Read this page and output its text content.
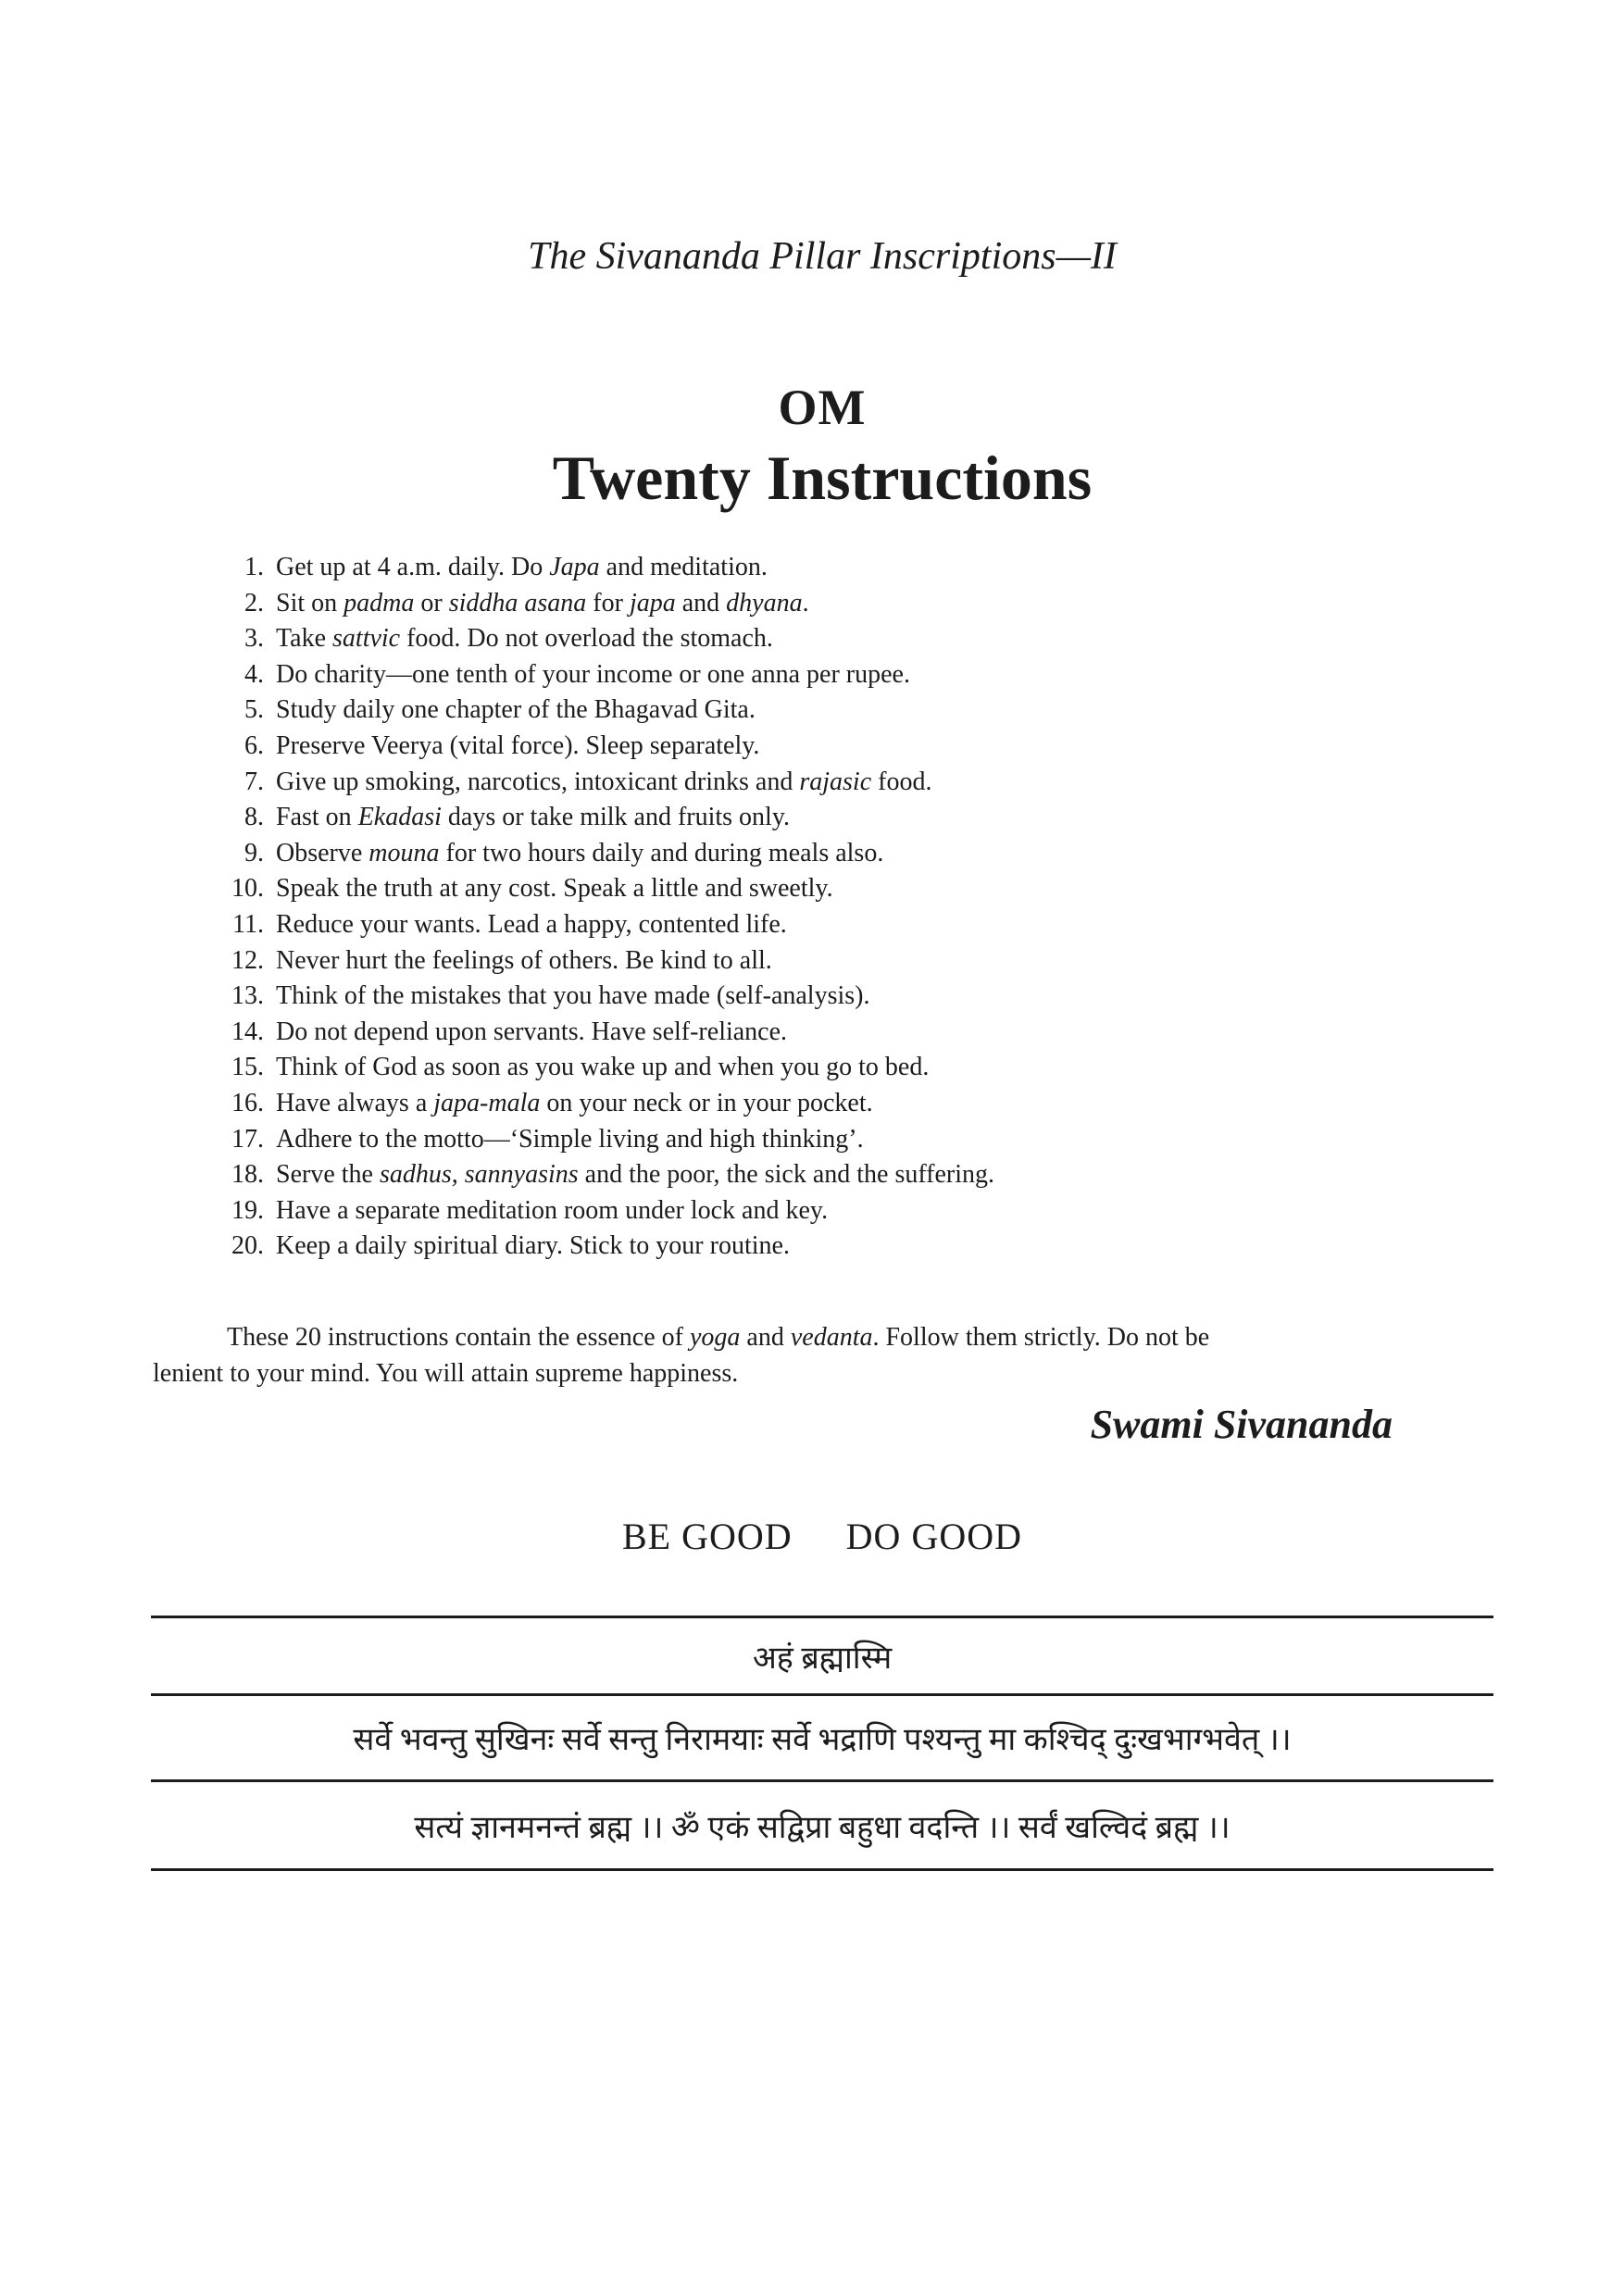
The Sivananda Pillar Inscriptions—II
OM
Twenty Instructions
1. Get up at 4 a.m. daily. Do Japa and meditation.
2. Sit on padma or siddha asana for japa and dhyana.
3. Take sattvic food. Do not overload the stomach.
4. Do charity—one tenth of your income or one anna per rupee.
5. Study daily one chapter of the Bhagavad Gita.
6. Preserve Veerya (vital force). Sleep separately.
7. Give up smoking, narcotics, intoxicant drinks and rajasic food.
8. Fast on Ekadasi days or take milk and fruits only.
9. Observe mouna for two hours daily and during meals also.
10. Speak the truth at any cost. Speak a little and sweetly.
11. Reduce your wants. Lead a happy, contented life.
12. Never hurt the feelings of others. Be kind to all.
13. Think of the mistakes that you have made (self-analysis).
14. Do not depend upon servants. Have self-reliance.
15. Think of God as soon as you wake up and when you go to bed.
16. Have always a japa-mala on your neck or in your pocket.
17. Adhere to the motto—‘Simple living and high thinking’.
18. Serve the sadhus, sannyasins and the poor, the sick and the suffering.
19. Have a separate meditation room under lock and key.
20. Keep a daily spiritual diary. Stick to your routine.
These 20 instructions contain the essence of yoga and vedanta. Follow them strictly. Do not be
lenient to your mind. You will attain supreme happiness.
Swami Sivananda
BE GOOD DO GOOD
अहं ब्रह्मास्मि
सर्वे भवन्तु सुखिनः सर्वे सन्तु निरामयाः सर्वे भद्राणि पश्यन्तु मा कश्चिद् दुःखभाग्भवेत् ।।
सत्यं ज्ञानमनन्तं ब्रह्म ।। ॐ एकं सद्विप्रा बहुधा वदन्ति ।। सर्वं खल्विदं ब्रह्म ।।
